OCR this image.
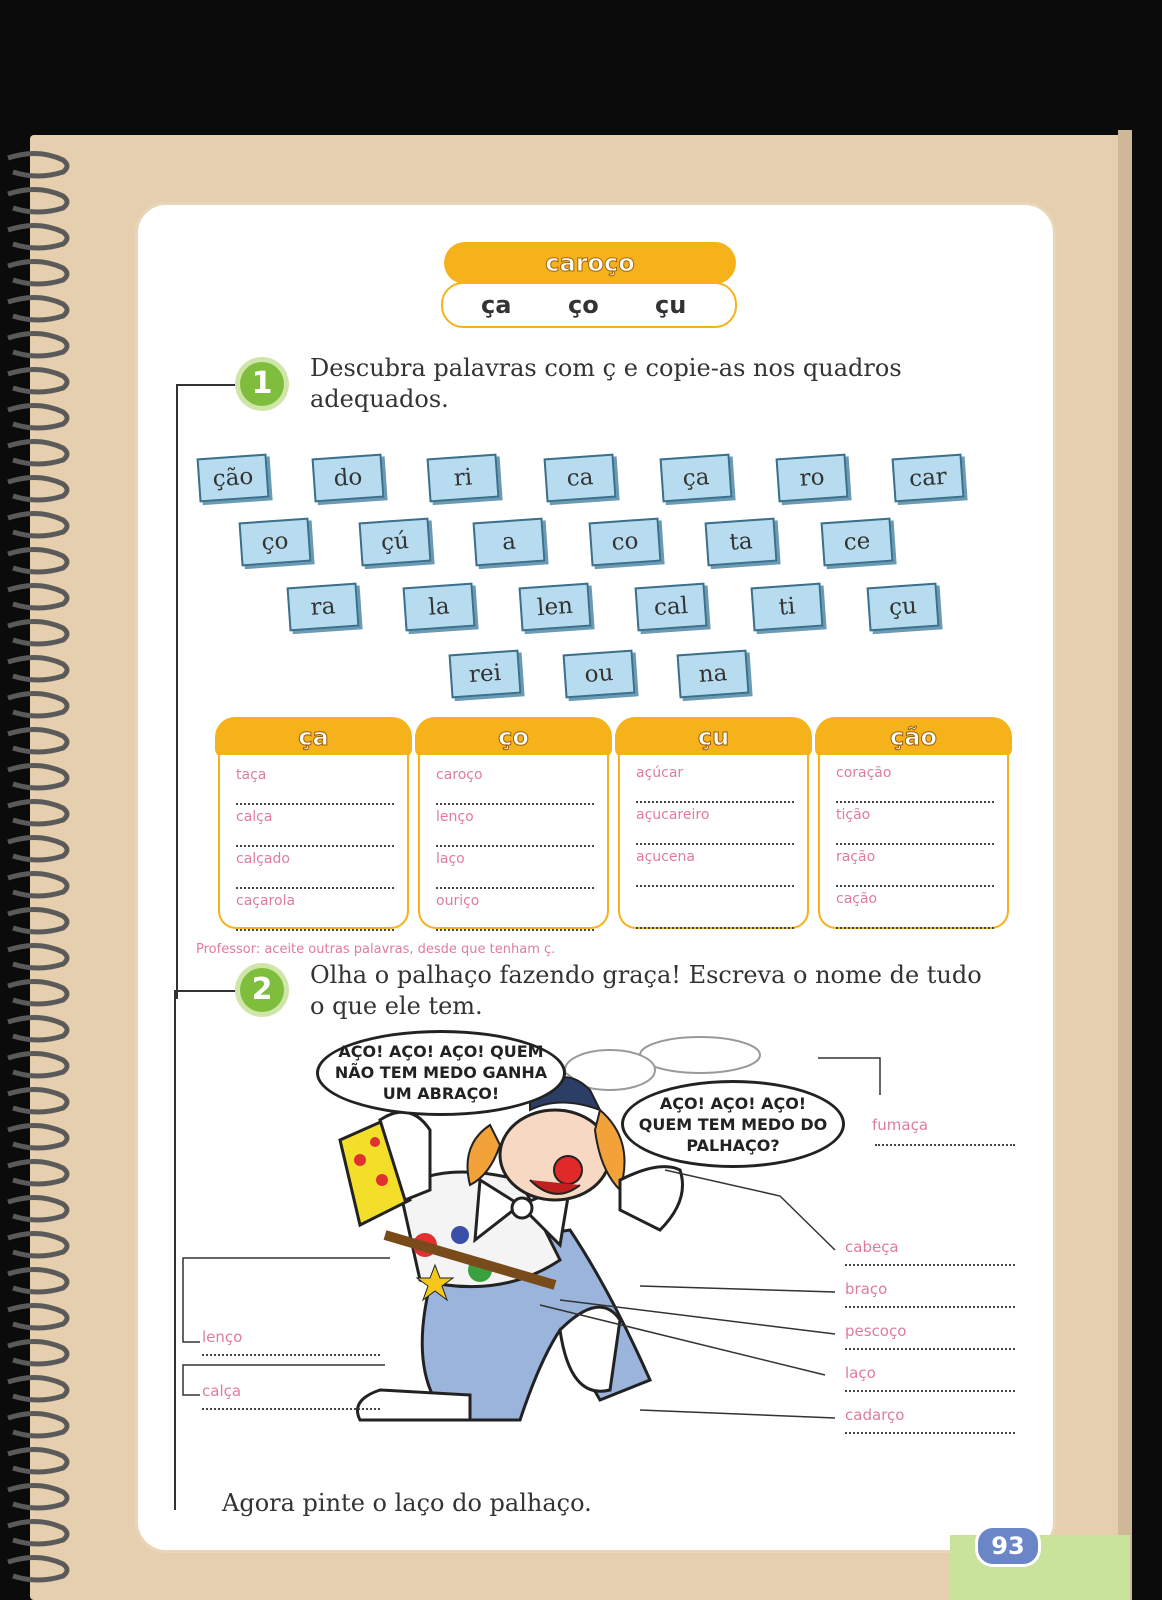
caroço
ça ço çu
1	Descubra palavras com ç e copie-as nos quadros adequados.
ção	do	ri	ca	ça	ro	car
ço	çú	a	co	ta	ce
ra	la	len	cal	ti	çu
rei	ou	na
ça
taça
calça
calçado
caçarola
ço
caroço
lenço
laço
ouriço
çu
açúcar
açucareiro
açucena
ção
coração
tição
ração
cação
Professor: aceite outras palavras, desde que tenham ç.
2	Olha o palhaço fazendo graça! Escreva o nome de tudo o que ele tem.
AÇO! AÇO! AÇO! QUEM NÃO TEM MEDO GANHA UM ABRAÇO!
AÇO! AÇO! AÇO! QUEM TEM MEDO DO PALHAÇO?
fumaça
cabeça
braço
pescoço
laço
cadarço
lenço
calça
Agora pinte o laço do palhaço.
93
